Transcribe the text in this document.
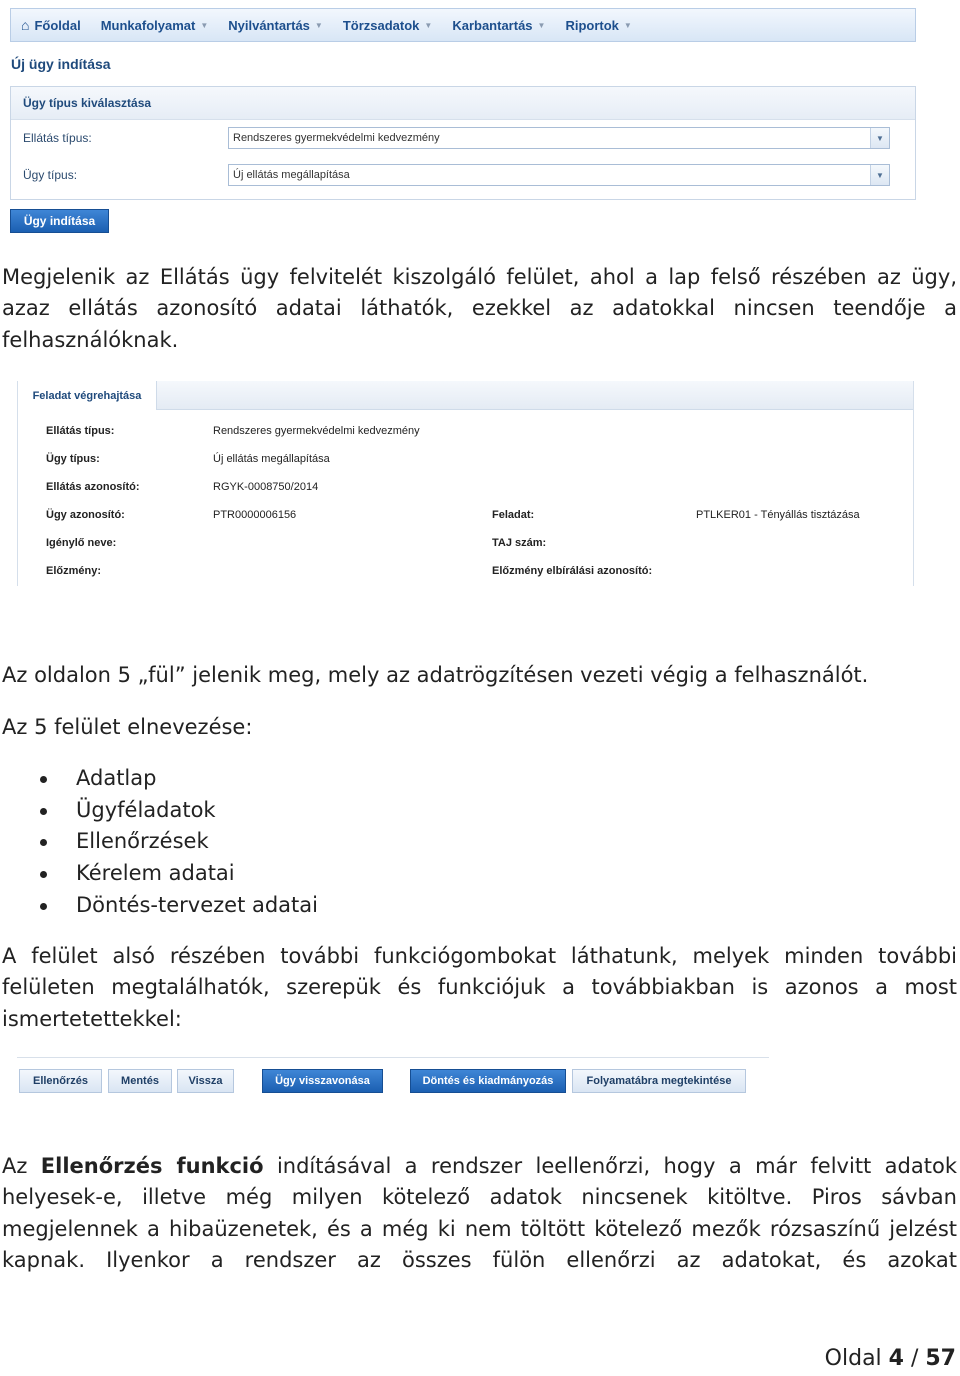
⌂ Főoldal Munkafolyamat ▼ Nyilvántartás ▼ Törzsadatok ▼ Karbantartás ▼ Riportok ▼
Új ügy indítása
Ügy típus kiválasztása
Ellátás típus:	Rendszeres gyermekvédelmi kedvezmény	▼
Ügy típus:	Új ellátás megállapítása	▼
Ügy indítása
Megjelenik az Ellátás ügy felvitelét kiszolgáló felület, ahol a lap felső részében az ügy, azaz ellátás azonosító adatai láthatók, ezekkel az adatokkal nincsen teendője a felhasználóknak.
Feladat végrehajtása
Ellátás típus:	Rendszeres gyermekvédelmi kedvezmény
Ügy típus:	Új ellátás megállapítása
Ellátás azonosító:	RGYK-0008750/2014
Ügy azonosító:	PTR0000006156
Igénylő neve:
Előzmény:
Feladat:	PTLKER01 - Tényállás tisztázása
TAJ szám:
Előzmény elbírálási azonosító:
Az oldalon 5 „fül” jelenik meg, mely az adatrögzítésen vezeti végig a felhasználót.
Az 5 felület elnevezése:
Adatlap
Ügyféladatok
Ellenőrzések
Kérelem adatai
Döntés-tervezet adatai
A felület alsó részében további funkciógombokat láthatunk, melyek minden további felületen megtalálhatók, szerepük és funkciójuk a továbbiakban is azonos a most ismertetettekkel:
Ellenőrzés	Mentés	Vissza	Ügy visszavonása	Döntés és kiadmányozás	Folyamatábra megtekintése
Az Ellenőrzés funkció indításával a rendszer leellenőrzi, hogy a már felvitt adatok helyesek-e, illetve még milyen kötelező adatok nincsenek kitöltve. Piros sávban megjelennek a hibaüzenetek, és a még ki nem töltött kötelező mezők rózsaszínű jelzést kapnak. Ilyenkor a rendszer az összes fülön ellenőrzi az adatokat, és azokat
Oldal 4 / 57
